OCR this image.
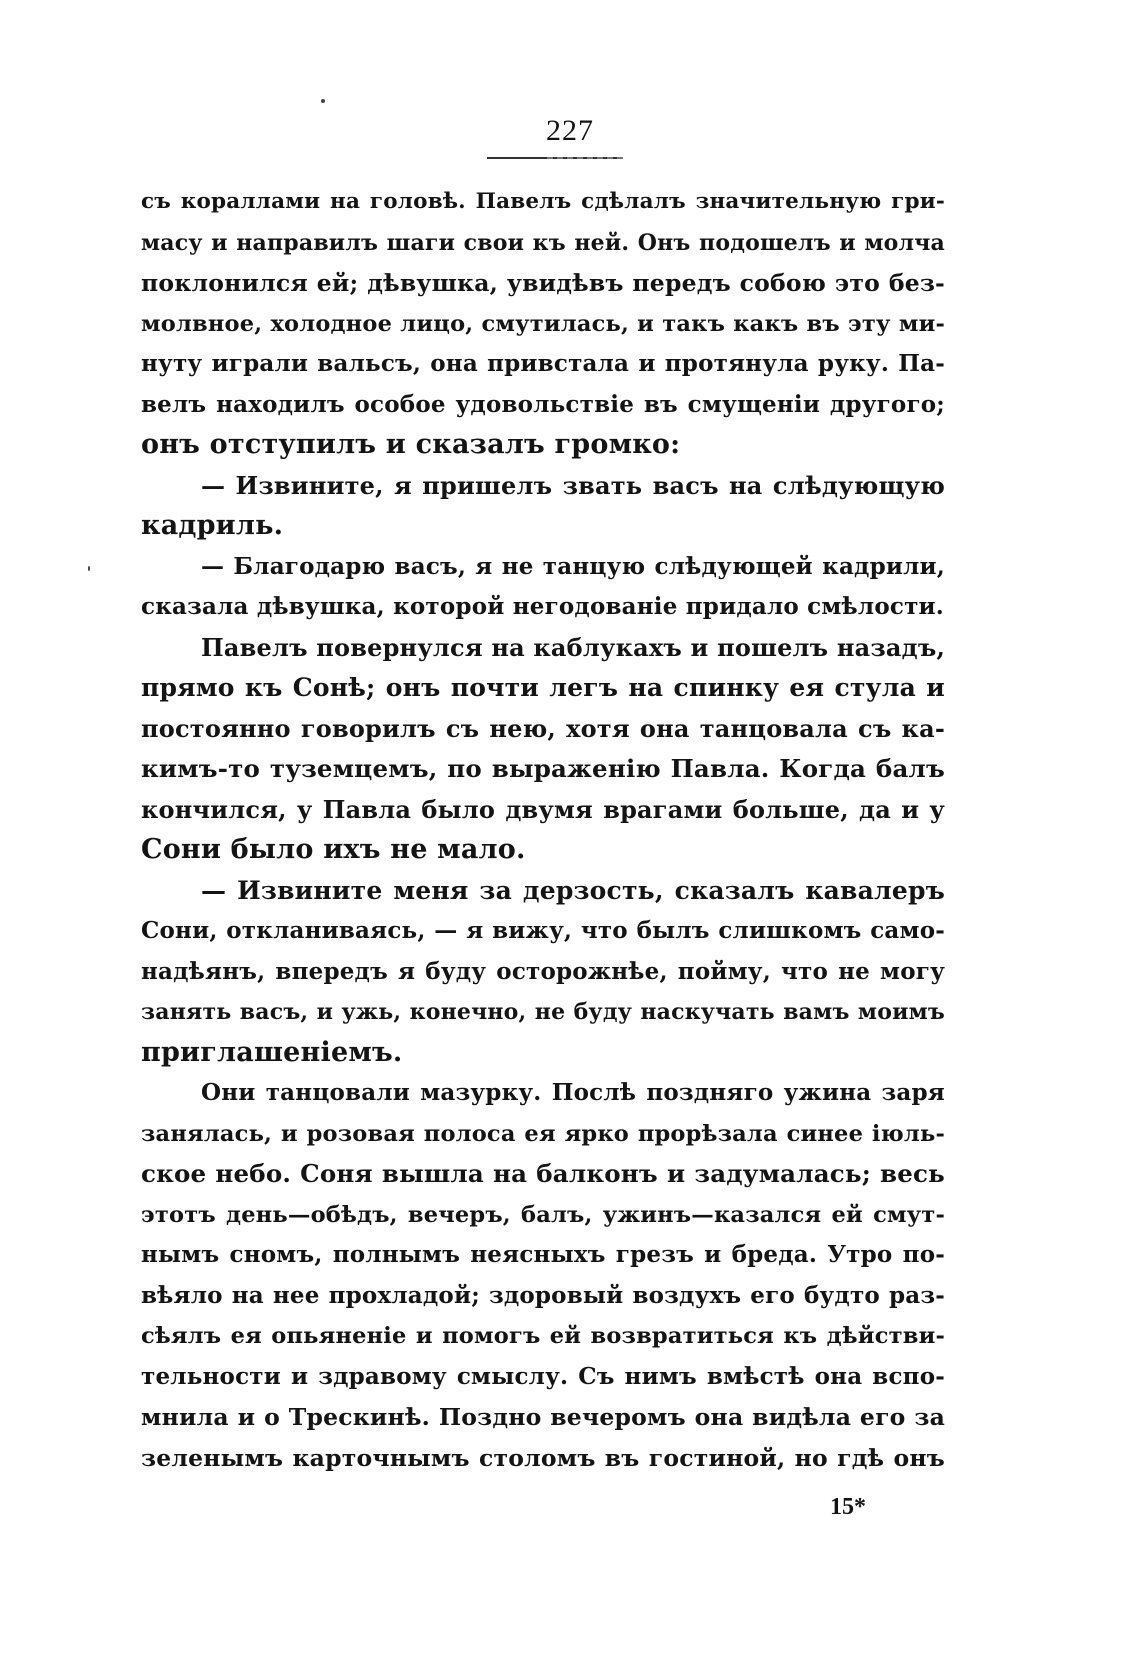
227
съ кораллами на головѣ. Павелъ сдѣлалъ значительную гри-
масу и направилъ шаги свои къ ней. Онъ подошелъ и молча
поклонился ей; дѣвушка, увидѣвъ передъ собою это без-
молвное, холодное лицо, смутилась, и такъ какъ въ эту ми-
нуту играли вальсъ, она привстала и протянула руку. Па-
велъ находилъ особое удовольствіе въ смущеніи другого;
онъ отступилъ и сказалъ громко:
— Извините, я пришелъ звать васъ на слѣдующую
кадриль.
— Благодарю васъ, я не танцую слѣдующей кадрили,
сказала дѣвушка, которой негодованіе придало смѣлости.
Павелъ повернулся на каблукахъ и пошелъ назадъ,
прямо къ Сонѣ; онъ почти легъ на спинку ея стула и
постоянно говорилъ съ нею, хотя она танцовала съ ка-
кимъ-то туземцемъ, по выраженію Павла. Когда балъ
кончился, у Павла было двумя врагами больше, да и у
Сони было ихъ не мало.
— Извините меня за дерзость, сказалъ кавалеръ
Сони, откланиваясь, — я вижу, что былъ слишкомъ само-
надѣянъ, впередъ я буду осторожнѣе, пойму, что не могу
занять васъ, и ужь, конечно, не буду наскучать вамъ моимъ
приглашеніемъ.
Они танцовали мазурку. Послѣ поздняго ужина заря
занялась, и розовая полоса ея ярко прорѣзала синее іюль-
ское небо. Соня вышла на балконъ и задумалась; весь
этотъ день—обѣдъ, вечеръ, балъ, ужинъ—казался ей смут-
нымъ сномъ, полнымъ неясныхъ грезъ и бреда. Утро по-
вѣяло на нее прохладой; здоровый воздухъ его будто раз-
сѣялъ ея опьяненіе и помогъ ей возвратиться къ дѣйстви-
тельности и здравому смыслу. Съ нимъ вмѣстѣ она вспо-
мнила и о Трескинѣ. Поздно вечеромъ она видѣла его за
зеленымъ карточнымъ столомъ въ гостиной, но гдѣ онъ
15*
